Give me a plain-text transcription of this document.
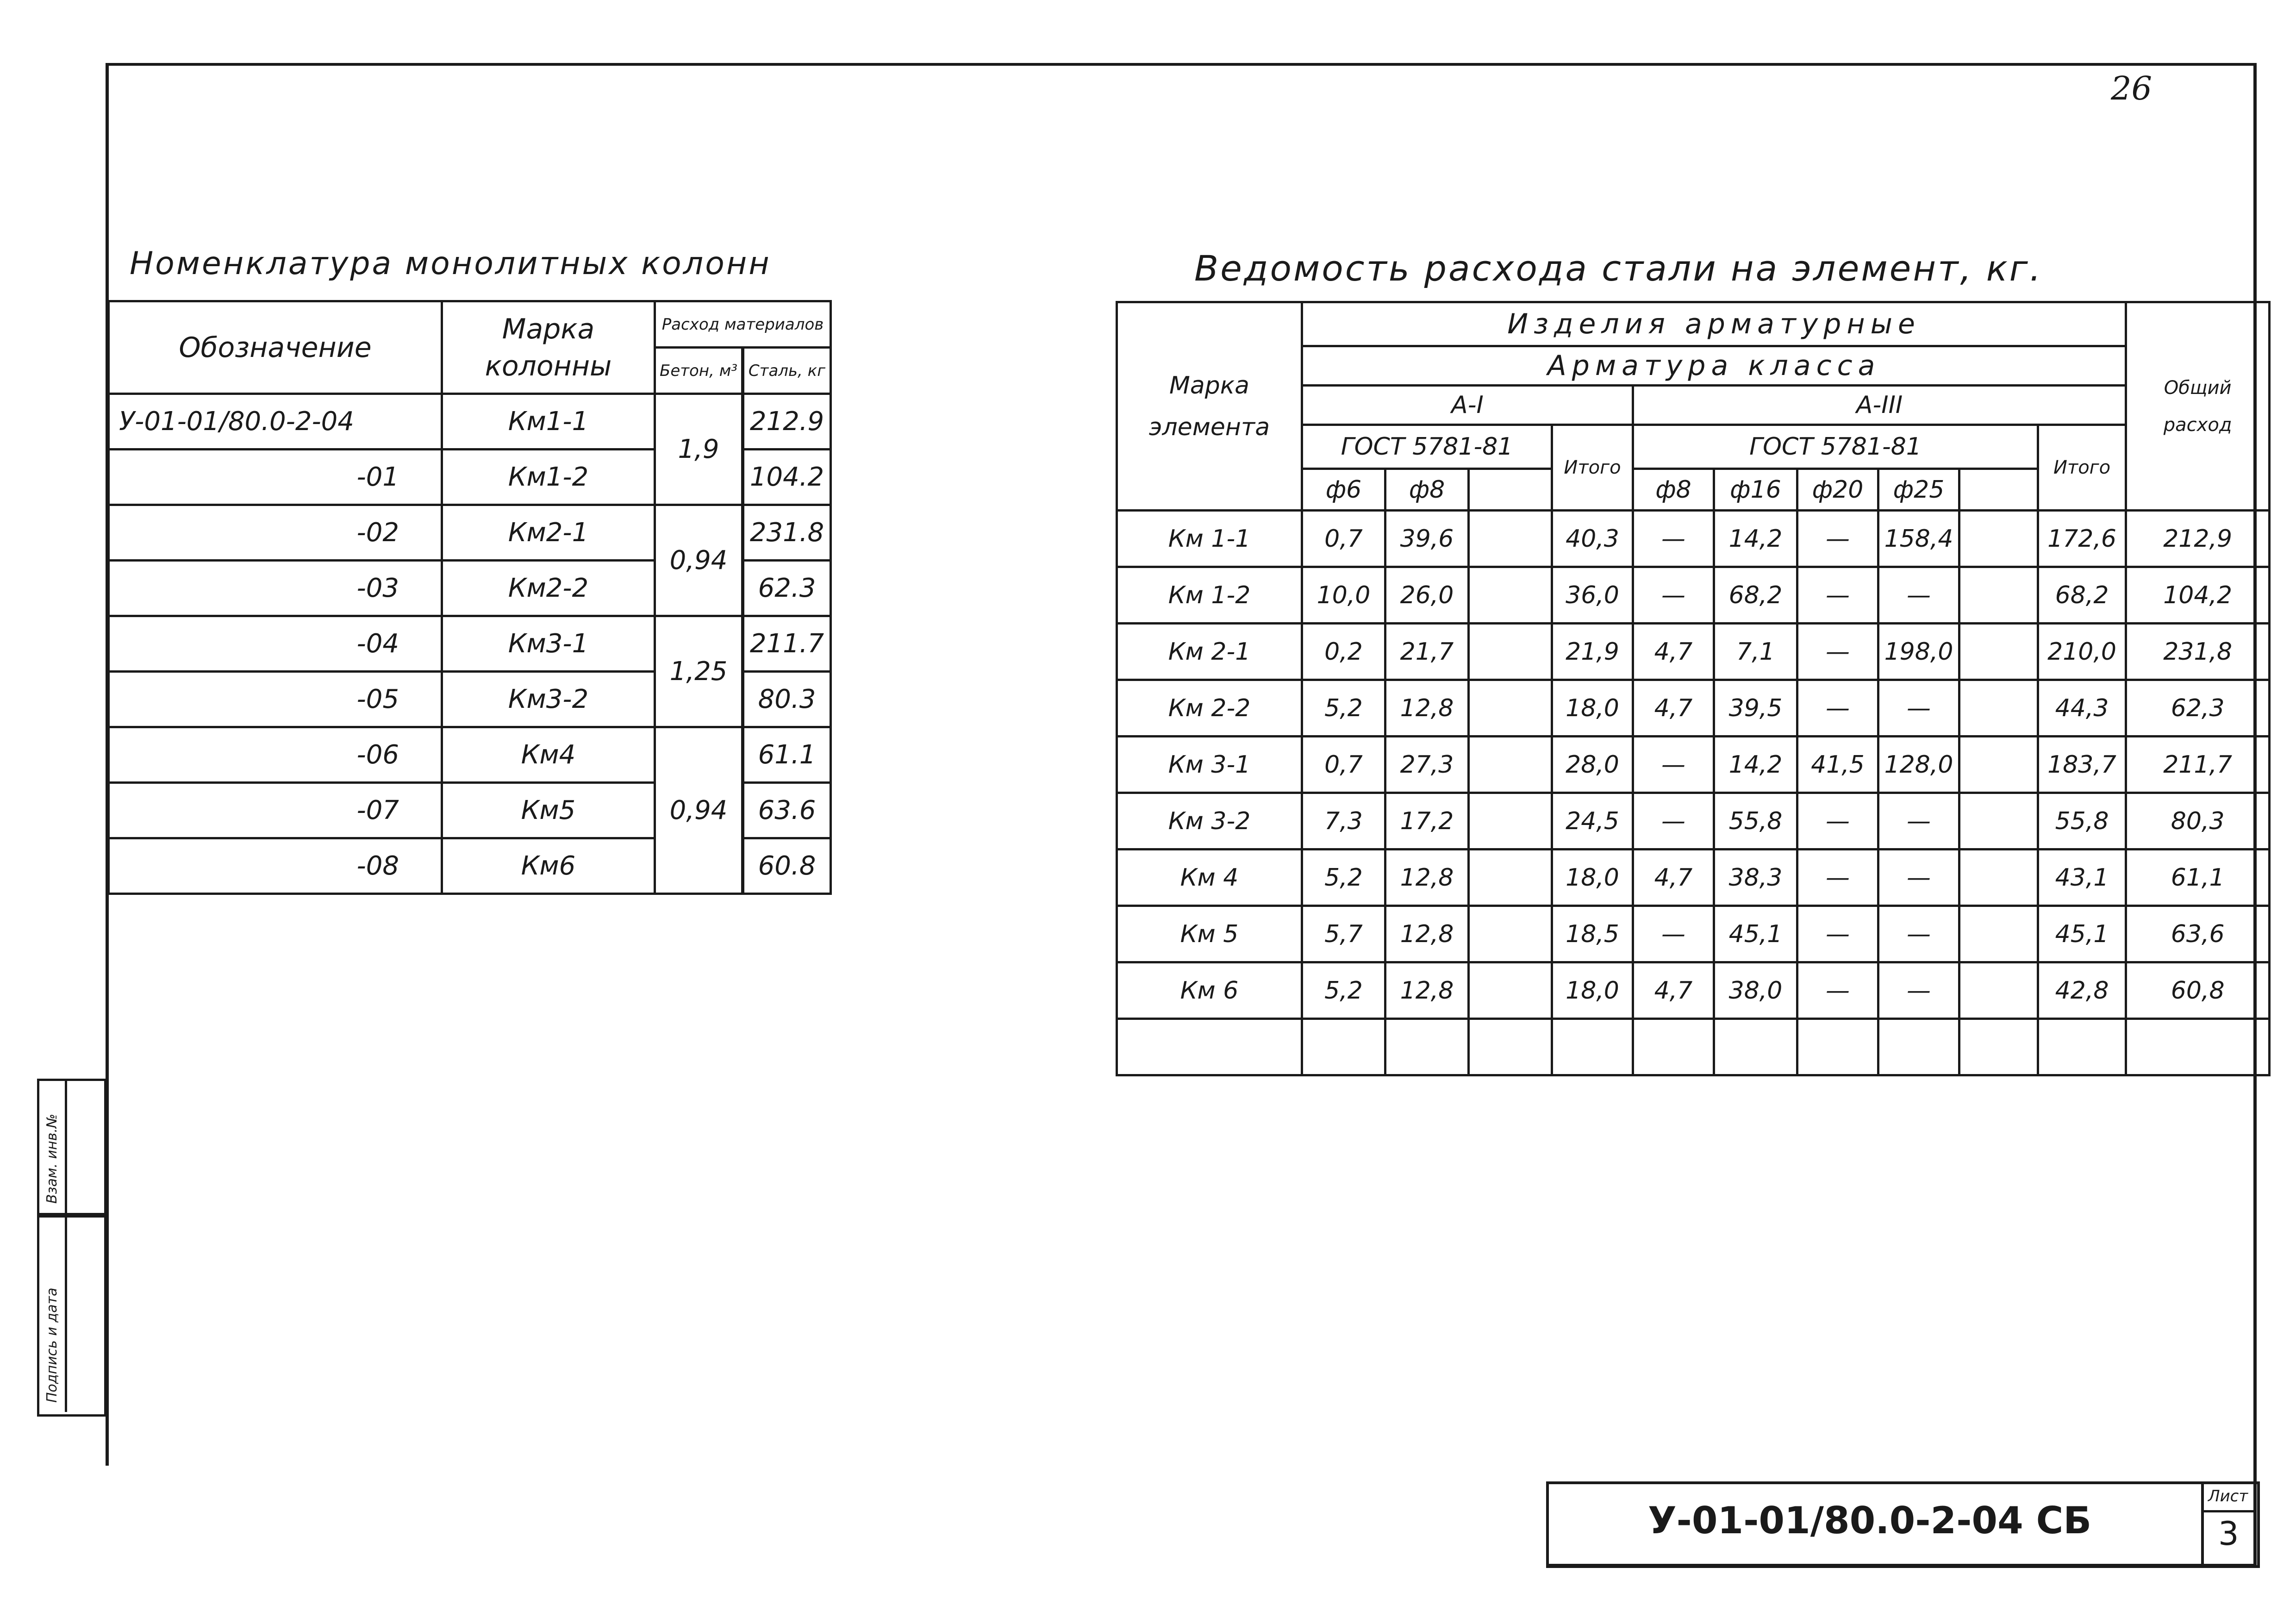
26
Номенклатура монолитных колонн
Обозначение	Марка колонны	Расход материалов	
		Бетон, м³	Сталь, кг

У-01-01/80.0-2-04	Км1-1	1,9	212.9
-01	Км1-2		104.2
-02	Км2-1	0,94	231.8
-03	Км2-2		62.3
-04	Км3-1	1,25	211.7
-05	Км3-2		80.3
-06	Км4	0,94	61.1
-07	Км5		63.6
-08	Км6		60.8
Ведомость расхода стали на элемент, кг.
Марка элемента	Изделия арматурные										Общий расход
	Арматура класса										
	А-I				А-III						
	ГОСТ 5781-81			Итого	ГОСТ 5781-81					Итого	
	ф6	ф8			ф8	ф16	ф20	ф25			
Км 1-1	0,7	39,6		40,3	—	14,2	—	158,4		172,6	212,9
Км 1-2	10,0	26,0		36,0	—	68,2	—	—		68,2	104,2
Км 2-1	0,2	21,7		21,9	4,7	7,1	—	198,0		210,0	231,8
Км 2-2	5,2	12,8		18,0	4,7	39,5	—	—		44,3	62,3
Км 3-1	0,7	27,3		28,0	—	14,2	41,5	128,0		183,7	211,7
Км 3-2	7,3	17,2		24,5	—	55,8	—	—		55,8	80,3
Км 4	5,2	12,8		18,0	4,7	38,3	—	—		43,1	61,1
Км 5	5,7	12,8		18,5	—	45,1	—	—		45,1	63,6
Км 6	5,2	12,8		18,0	4,7	38,0	—	—		42,8	60,8

Взам. инв.№
Подпись и дата
У-01-01/80.0-2-04 СБ
Лист
3
